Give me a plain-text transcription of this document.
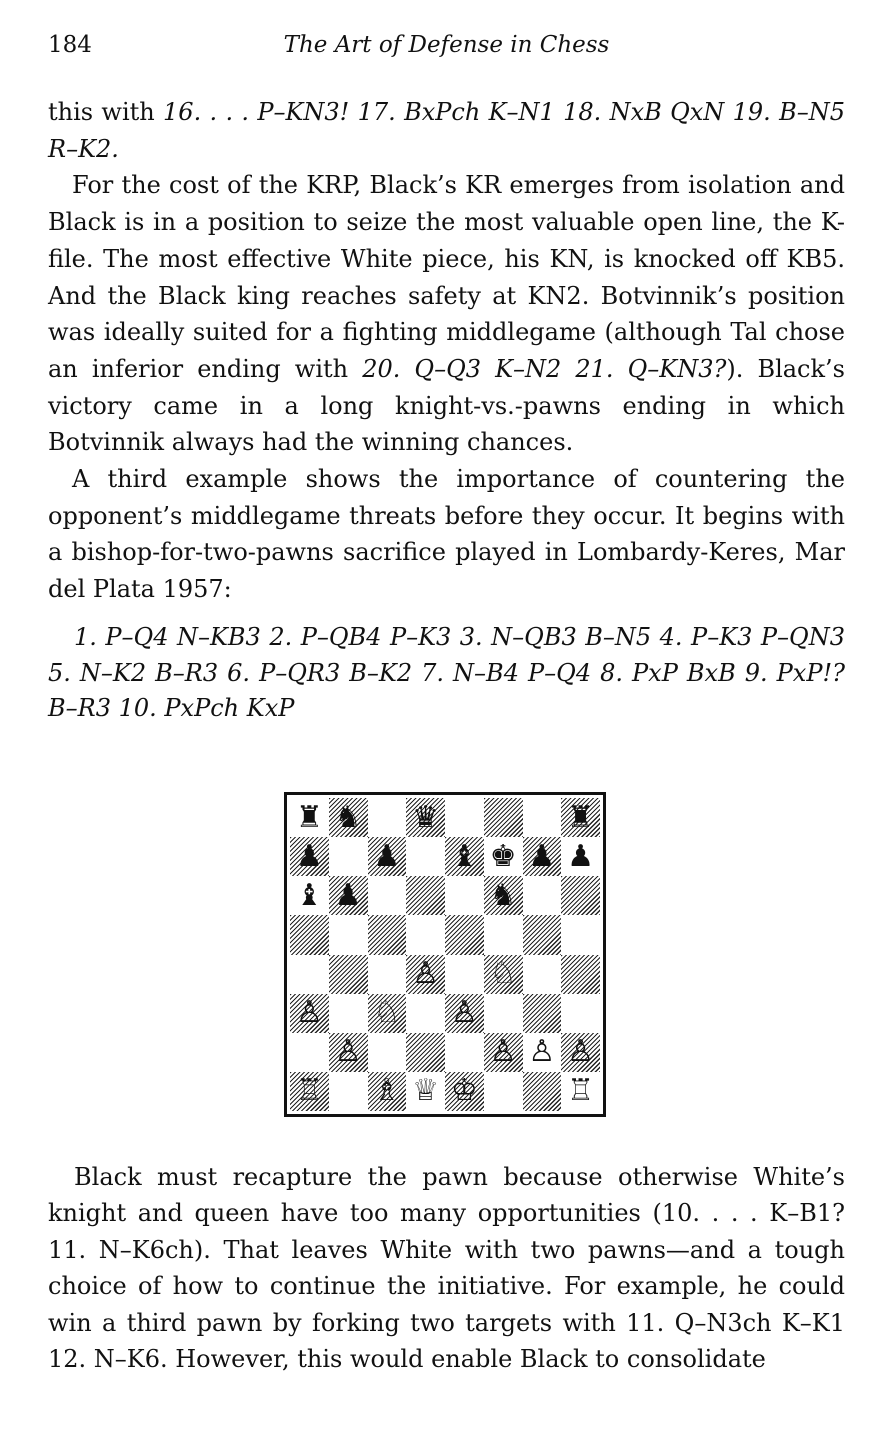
184	The Art of Defense in Chess

this with 16. . . . P–KN3! 17. BxPch K–N1 18. NxB QxN 19. B–N5 R–K2.

For the cost of the KRP, Black’s KR emerges from isolation and Black is in a position to seize the most valuable open line, the K-file. The most effective White piece, his KN, is knocked off KB5. And the Black king reaches safety at KN2. Botvinnik’s position was ideally suited for a fighting middlegame (although Tal chose an inferior ending with 20. Q–Q3 K–N2 21. Q–KN3?). Black’s victory came in a long knight-vs.-pawns ending in which Botvinnik always had the winning chances.

A third example shows the importance of countering the opponent’s middlegame threats before they occur. It begins with a bishop-for-two-pawns sacrifice played in Lombardy-Keres, Mar del Plata 1957:

1. P–Q4 N–KB3 2. P–QB4 P–K3 3. N–QB3 B–N5 4. P–K3 P–QN3 5. N–K2 B–R3 6. P–QR3 B–K2 7. N–B4 P–Q4 8. PxP BxB 9. PxP!? B–R3 10. PxPch KxP

♜ ♞ ♛	♜
♟ ♟ ♝ ♚ ♟ ♟
♝ ♟	♞
♙ ♘
♙ ♘ ♙
♙	♙ ♙ ♙
♖ ♗ ♕ ♔	♖

Black must recapture the pawn because otherwise White’s knight and queen have too many opportunities (10. . . . K–B1? 11. N–K6ch). That leaves White with two pawns—and a tough choice of how to continue the initiative. For example, he could win a third pawn by forking two targets with 11. Q–N3ch K–K1 12. N–K6. However, this would enable Black to consolidate
